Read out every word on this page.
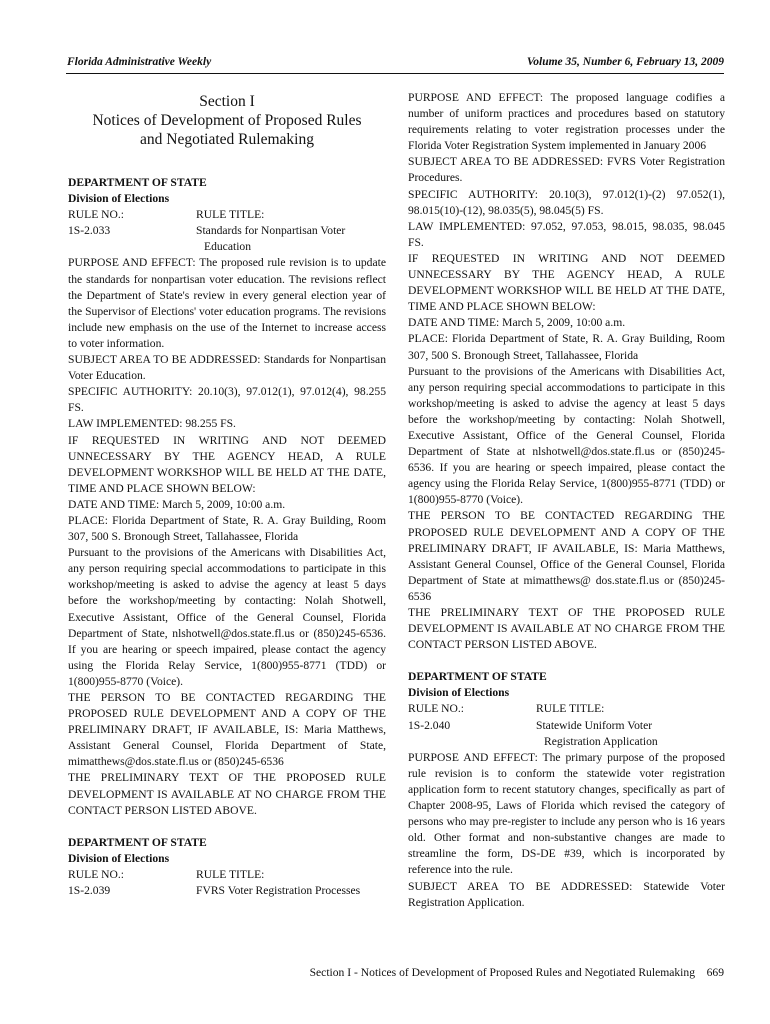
Florida Administrative Weekly	Volume 35, Number 6, February 13, 2009
Section I
Notices of Development of Proposed Rules
and Negotiated Rulemaking

DEPARTMENT OF STATE

Division of Elections

RULE NO.:	RULE TITLE:
1S-2.033	Standards for Nonpartisan Voter
Education

PURPOSE AND EFFECT: The proposed rule revision is to update the standards for nonpartisan voter education. The revisions reflect the Department of State's review in every general election year of the Supervisor of Elections' voter education programs. The revisions include new emphasis on the use of the Internet to increase access to voter information.

SUBJECT AREA TO BE ADDRESSED: Standards for Nonpartisan Voter Education.

SPECIFIC AUTHORITY: 20.10(3), 97.012(1), 97.012(4), 98.255 FS.

LAW IMPLEMENTED: 98.255 FS.

IF REQUESTED IN WRITING AND NOT DEEMED UNNECESSARY BY THE AGENCY HEAD, A RULE DEVELOPMENT WORKSHOP WILL BE HELD AT THE DATE, TIME AND PLACE SHOWN BELOW:

DATE AND TIME: March 5, 2009, 10:00 a.m.

PLACE: Florida Department of State, R. A. Gray Building, Room 307, 500 S. Bronough Street, Tallahassee, Florida

Pursuant to the provisions of the Americans with Disabilities Act, any person requiring special accommodations to participate in this workshop/meeting is asked to advise the agency at least 5 days before the workshop/meeting by contacting: Nolah Shotwell, Executive Assistant, Office of the General Counsel, Florida Department of State, nlshotwell@dos.state.fl.us or (850)245-6536. If you are hearing or speech impaired, please contact the agency using the Florida Relay Service, 1(800)955-8771 (TDD) or 1(800)955-8770 (Voice).

THE PERSON TO BE CONTACTED REGARDING THE PROPOSED RULE DEVELOPMENT AND A COPY OF THE PRELIMINARY DRAFT, IF AVAILABLE, IS: Maria Matthews, Assistant General Counsel, Florida Department of State, mimatthews@dos.state.fl.us or (850)245-6536

THE PRELIMINARY TEXT OF THE PROPOSED RULE DEVELOPMENT IS AVAILABLE AT NO CHARGE FROM THE CONTACT PERSON LISTED ABOVE.

DEPARTMENT OF STATE

Division of Elections

RULE NO.:	RULE TITLE:
1S-2.039	FVRS Voter Registration Processes

PURPOSE AND EFFECT: The proposed language codifies a number of uniform practices and procedures based on statutory requirements relating to voter registration processes under the Florida Voter Registration System implemented in January 2006

SUBJECT AREA TO BE ADDRESSED: FVRS Voter Registration Procedures.

SPECIFIC AUTHORITY: 20.10(3), 97.012(1)-(2) 97.052(1), 98.015(10)-(12), 98.035(5), 98.045(5) FS.

LAW IMPLEMENTED: 97.052, 97.053, 98.015, 98.035, 98.045 FS.

IF REQUESTED IN WRITING AND NOT DEEMED UNNECESSARY BY THE AGENCY HEAD, A RULE DEVELOPMENT WORKSHOP WILL BE HELD AT THE DATE, TIME AND PLACE SHOWN BELOW:

DATE AND TIME: March 5, 2009, 10:00 a.m.

PLACE: Florida Department of State, R. A. Gray Building, Room 307, 500 S. Bronough Street, Tallahassee, Florida

Pursuant to the provisions of the Americans with Disabilities Act, any person requiring special accommodations to participate in this workshop/meeting is asked to advise the agency at least 5 days before the workshop/meeting by contacting: Nolah Shotwell, Executive Assistant, Office of the General Counsel, Florida Department of State at nlshotwell@dos.state.fl.us or (850)245-6536. If you are hearing or speech impaired, please contact the agency using the Florida Relay Service, 1(800)955-8771 (TDD) or 1(800)955-8770 (Voice).

THE PERSON TO BE CONTACTED REGARDING THE PROPOSED RULE DEVELOPMENT AND A COPY OF THE PRELIMINARY DRAFT, IF AVAILABLE, IS: Maria Matthews, Assistant General Counsel, Office of the General Counsel, Florida Department of State at mimatthews@ dos.state.fl.us or (850)245-6536

THE PRELIMINARY TEXT OF THE PROPOSED RULE DEVELOPMENT IS AVAILABLE AT NO CHARGE FROM THE CONTACT PERSON LISTED ABOVE.

DEPARTMENT OF STATE

Division of Elections

RULE NO.:	RULE TITLE:
1S-2.040	Statewide Uniform Voter
Registration Application

PURPOSE AND EFFECT: The primary purpose of the proposed rule revision is to conform the statewide voter registration application form to recent statutory changes, specifically as part of Chapter 2008-95, Laws of Florida which revised the category of persons who may pre-register to include any person who is 16 years old. Other format and non-substantive changes are made to streamline the form, DS-DE #39, which is incorporated by reference into the rule.

SUBJECT AREA TO BE ADDRESSED: Statewide Voter Registration Application.

Section I - Notices of Development of Proposed Rules and Negotiated Rulemaking 669
